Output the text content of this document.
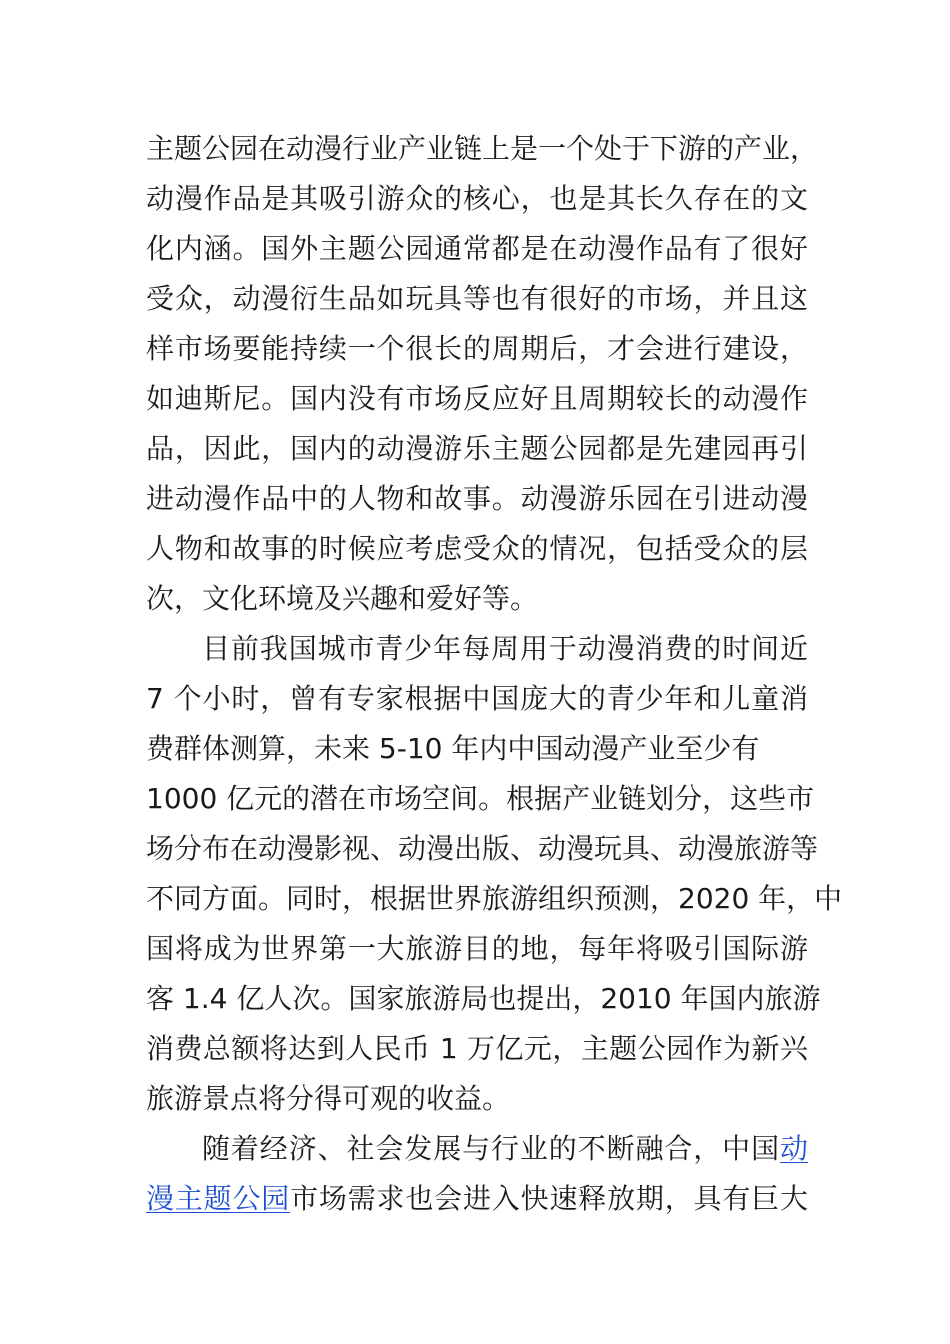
主题公园在动漫行业产业链上是一个处于下游的产业，
动漫作品是其吸引游众的核心，也是其长久存在的文
化内涵。国外主题公园通常都是在动漫作品有了很好
受众，动漫衍生品如玩具等也有很好的市场，并且这
样市场要能持续一个很长的周期后，才会进行建设，
如迪斯尼。国内没有市场反应好且周期较长的动漫作
品，因此，国内的动漫游乐主题公园都是先建园再引
进动漫作品中的人物和故事。动漫游乐园在引进动漫
人物和故事的时候应考虑受众的情况，包括受众的层
次，文化环境及兴趣和爱好等。
目前我国城市青少年每周用于动漫消费的时间近
7 个小时，曾有专家根据中国庞大的青少年和儿童消
费群体测算，未来 5-10 年内中国动漫产业至少有
1000 亿元的潜在市场空间。根据产业链划分，这些市
场分布在动漫影视、动漫出版、动漫玩具、动漫旅游等
不同方面。同时，根据世界旅游组织预测，2020 年，中
国将成为世界第一大旅游目的地，每年将吸引国际游
客 1.4 亿人次。国家旅游局也提出，2010 年国内旅游
消费总额将达到人民币 1 万亿元，主题公园作为新兴
旅游景点将分得可观的收益。
随着经济、社会发展与行业的不断融合，中国动
漫主题公园市场需求也会进入快速释放期，具有巨大
